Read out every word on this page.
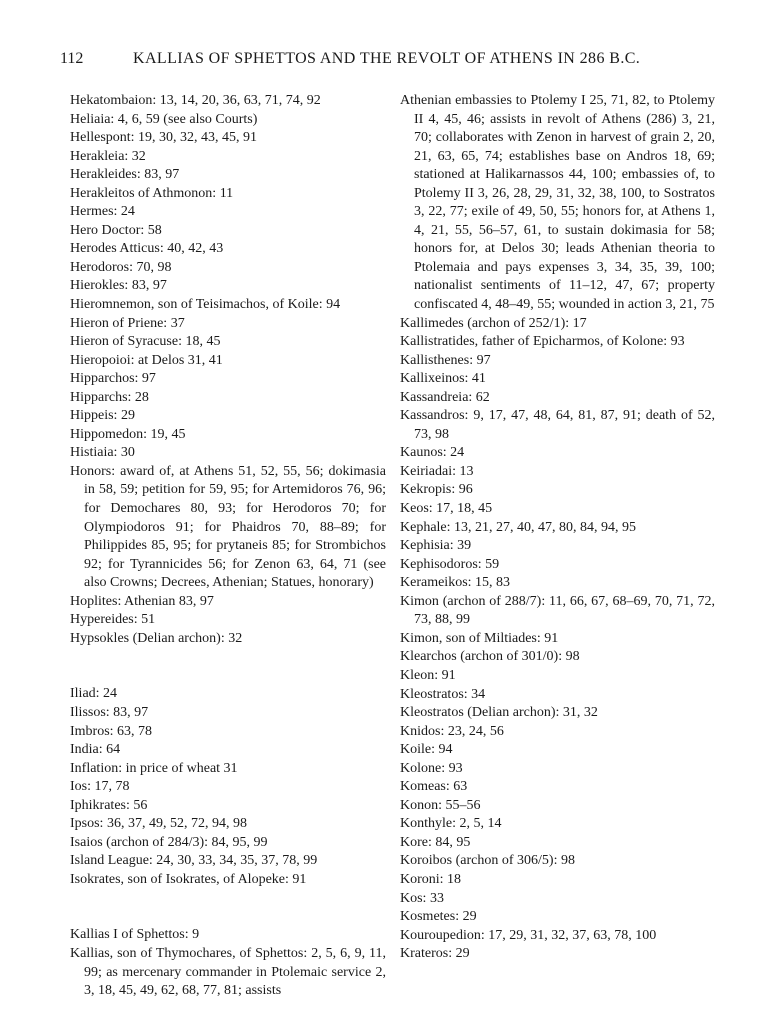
112	KALLIAS OF SPHETTOS AND THE REVOLT OF ATHENS IN 286 B.C.

Hekatombaion: 13, 14, 20, 36, 63, 71, 74, 92

Heliaia: 4, 6, 59 (see also Courts)

Hellespont: 19, 30, 32, 43, 45, 91

Herakleia: 32

Herakleides: 83, 97

Herakleitos of Athmonon: 11

Hermes: 24

Hero Doctor: 58

Herodes Atticus: 40, 42, 43

Herodoros: 70, 98

Hierokles: 83, 97

Hieromnemon, son of Teisimachos, of Koile: 94

Hieron of Priene: 37

Hieron of Syracuse: 18, 45

Hieropoioi: at Delos 31, 41

Hipparchos: 97

Hipparchs: 28

Hippeis: 29

Hippomedon: 19, 45

Histiaia: 30

Honors: award of, at Athens 51, 52, 55, 56; dokimasia in 58, 59; petition for 59, 95; for Artemidoros 76, 96; for Demochares 80, 93; for Herodoros 70; for Olympiodoros 91; for Phaidros 70, 88–89; for Philippides 85, 95; for prytaneis 85; for Strombichos 92; for Tyrannicides 56; for Zenon 63, 64, 71 (see also Crowns; Decrees, Athenian; Statues, honorary)

Hoplites: Athenian 83, 97

Hypereides: 51

Hypsokles (Delian archon): 32

Iliad: 24

Ilissos: 83, 97

Imbros: 63, 78

India: 64

Inflation: in price of wheat 31

Ios: 17, 78

Iphikrates: 56

Ipsos: 36, 37, 49, 52, 72, 94, 98

Isaios (archon of 284/3): 84, 95, 99

Island League: 24, 30, 33, 34, 35, 37, 78, 99

Isokrates, son of Isokrates, of Alopeke: 91

Kallias I of Sphettos: 9

Kallias, son of Thymochares, of Sphettos: 2, 5, 6, 9, 11, 99; as mercenary commander in Ptolemaic service 2, 3, 18, 45, 49, 62, 68, 77, 81; assists

Athenian embassies to Ptolemy I 25, 71, 82, to Ptolemy II 4, 45, 46; assists in revolt of Athens (286) 3, 21, 70; collaborates with Zenon in harvest of grain 2, 20, 21, 63, 65, 74; establishes base on Andros 18, 69; stationed at Halikarnassos 44, 100; embassies of, to Ptolemy II 3, 26, 28, 29, 31, 32, 38, 100, to Sostratos 3, 22, 77; exile of 49, 50, 55; honors for, at Athens 1, 4, 21, 55, 56–57, 61, to sustain dokimasia for 58; honors for, at Delos 30; leads Athenian theoria to Ptolemaia and pays expenses 3, 34, 35, 39, 100; nationalist sentiments of 11–12, 47, 67; property confiscated 4, 48–49, 55; wounded in action 3, 21, 75

Kallimedes (archon of 252/1): 17

Kallistratides, father of Epicharmos, of Kolone: 93

Kallisthenes: 97

Kallixeinos: 41

Kassandreia: 62

Kassandros: 9, 17, 47, 48, 64, 81, 87, 91; death of 52, 73, 98

Kaunos: 24

Keiriadai: 13

Kekropis: 96

Keos: 17, 18, 45

Kephale: 13, 21, 27, 40, 47, 80, 84, 94, 95

Kephisia: 39

Kephisodoros: 59

Kerameikos: 15, 83

Kimon (archon of 288/7): 11, 66, 67, 68–69, 70, 71, 72, 73, 88, 99

Kimon, son of Miltiades: 91

Klearchos (archon of 301/0): 98

Kleon: 91

Kleostratos: 34

Kleostratos (Delian archon): 31, 32

Knidos: 23, 24, 56

Koile: 94

Kolone: 93

Komeas: 63

Konon: 55–56

Konthyle: 2, 5, 14

Kore: 84, 95

Koroibos (archon of 306/5): 98

Koroni: 18

Kos: 33

Kosmetes: 29

Kouroupedion: 17, 29, 31, 32, 37, 63, 78, 100

Krateros: 29
